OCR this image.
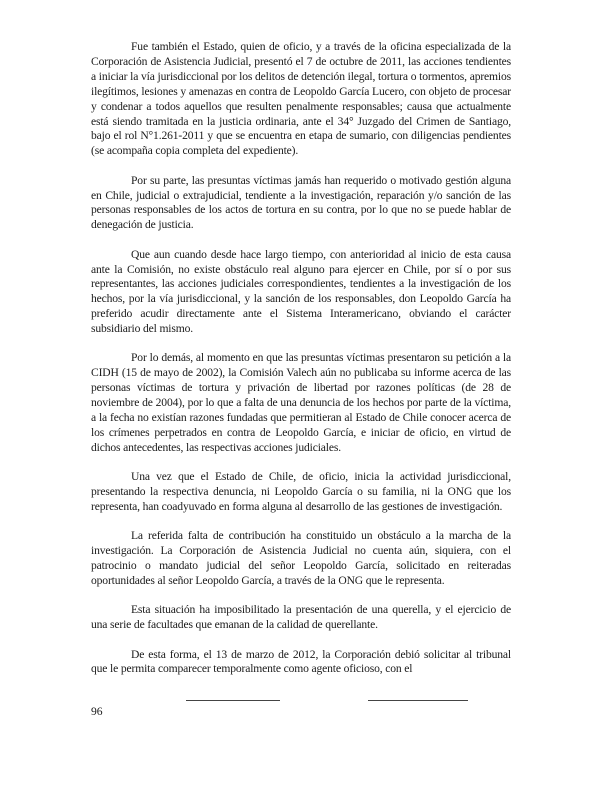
Fue también el Estado, quien de oficio, y a través de la oficina especializada de la Corporación de Asistencia Judicial, presentó el 7 de octubre de 2011, las acciones tendientes a iniciar la vía jurisdiccional por los delitos de detención ilegal, tortura o tormentos, apremios ilegítimos, lesiones y amenazas en contra de Leopoldo García Lucero, con objeto de procesar y condenar a todos aquellos que resulten penalmente responsables; causa que actualmente está siendo tramitada en la justicia ordinaria, ante el 34° Juzgado del Crimen de Santiago, bajo el rol N°1.261-2011 y que se encuentra en etapa de sumario, con diligencias pendientes (se acompaña copia completa del expediente).

Por su parte, las presuntas víctimas jamás han requerido o motivado gestión alguna en Chile, judicial o extrajudicial, tendiente a la investigación, reparación y/o sanción de las personas responsables de los actos de tortura en su contra, por lo que no se puede hablar de denegación de justicia.

Que aun cuando desde hace largo tiempo, con anterioridad al inicio de esta causa ante la Comisión, no existe obstáculo real alguno para ejercer en Chile, por sí o por sus representantes, las acciones judiciales correspondientes, tendientes a la investigación de los hechos, por la vía jurisdiccional, y la sanción de los responsables, don Leopoldo García ha preferido acudir directamente ante el Sistema Interamericano, obviando el carácter subsidiario del mismo.

Por lo demás, al momento en que las presuntas víctimas presentaron su petición a la CIDH (15 de mayo de 2002), la Comisión Valech aún no publicaba su informe acerca de las personas víctimas de tortura y privación de libertad por razones políticas (de 28 de noviembre de 2004), por lo que a falta de una denuncia de los hechos por parte de la víctima, a la fecha no existían razones fundadas que permitieran al Estado de Chile conocer acerca de los crímenes perpetrados en contra de Leopoldo García, e iniciar de oficio, en virtud de dichos antecedentes, las respectivas acciones judiciales.

Una vez que el Estado de Chile, de oficio, inicia la actividad jurisdiccional, presentando la respectiva denuncia, ni Leopoldo García o su familia, ni la ONG que los representa, han coadyuvado en forma alguna al desarrollo de las gestiones de investigación.

La referida falta de contribución ha constituido un obstáculo a la marcha de la investigación. La Corporación de Asistencia Judicial no cuenta aún, siquiera, con el patrocinio o mandato judicial del señor Leopoldo García, solicitado en reiteradas oportunidades al señor Leopoldo García, a través de la ONG que le representa.

Esta situación ha imposibilitado la presentación de una querella, y el ejercicio de una serie de facultades que emanan de la calidad de querellante.

De esta forma, el 13 de marzo de 2012, la Corporación debió solicitar al tribunal que le permita comparecer temporalmente como agente oficioso, con el

96
